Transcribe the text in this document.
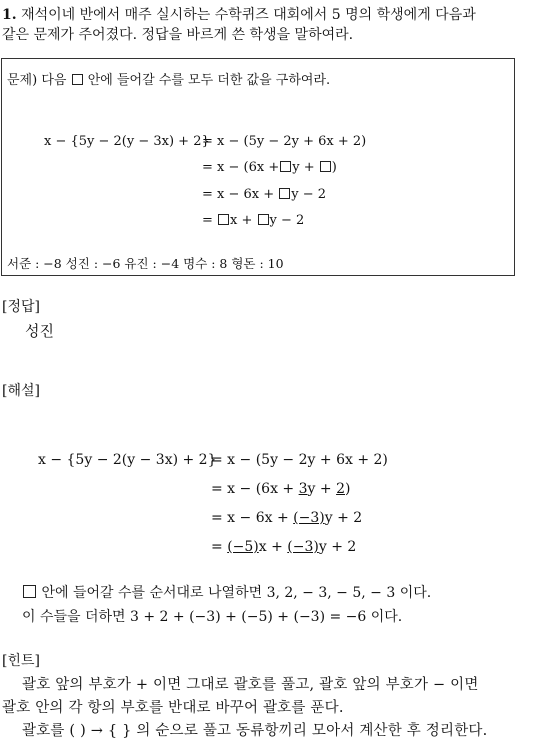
1. 재석이네 반에서 매주 실시하는 수학퀴즈 대회에서 5 명의 학생에게 다음과
같은 문제가 주어졌다. 정답을 바르게 쓴 학생을 말하여라.
문제) 다음 안에 들어갈 수를 모두 더한 값을 구하여라.
x − {5y − 2(y − 3x) + 2}
= x − (5y − 2y + 6x + 2)
= x − (6x + y + )
= x − 6x + y − 2
= x + y − 2
서준 : −8 성진 : −6 유진 : −4 명수 : 8 형돈 : 10
[정답]
성진
[해설]
x − {5y − 2(y − 3x) + 2}
= x − (5y − 2y + 6x + 2)
= x − (6x + 3y + 2)
= x − 6x + (−3)y + 2
= (−5)x + (−3)y + 2
안에 들어갈 수를 순서대로 나열하면 3, 2, − 3, − 5, − 3 이다.
이 수들을 더하면 3 + 2 + (−3) + (−5) + (−3) = −6 이다.
[힌트]
괄호 앞의 부호가 + 이면 그대로 괄호를 풀고, 괄호 앞의 부호가 − 이면
괄호 안의 각 항의 부호를 반대로 바꾸어 괄호를 푼다.
괄호를 ( ) → { } 의 순으로 풀고 동류항끼리 모아서 계산한 후 정리한다.
